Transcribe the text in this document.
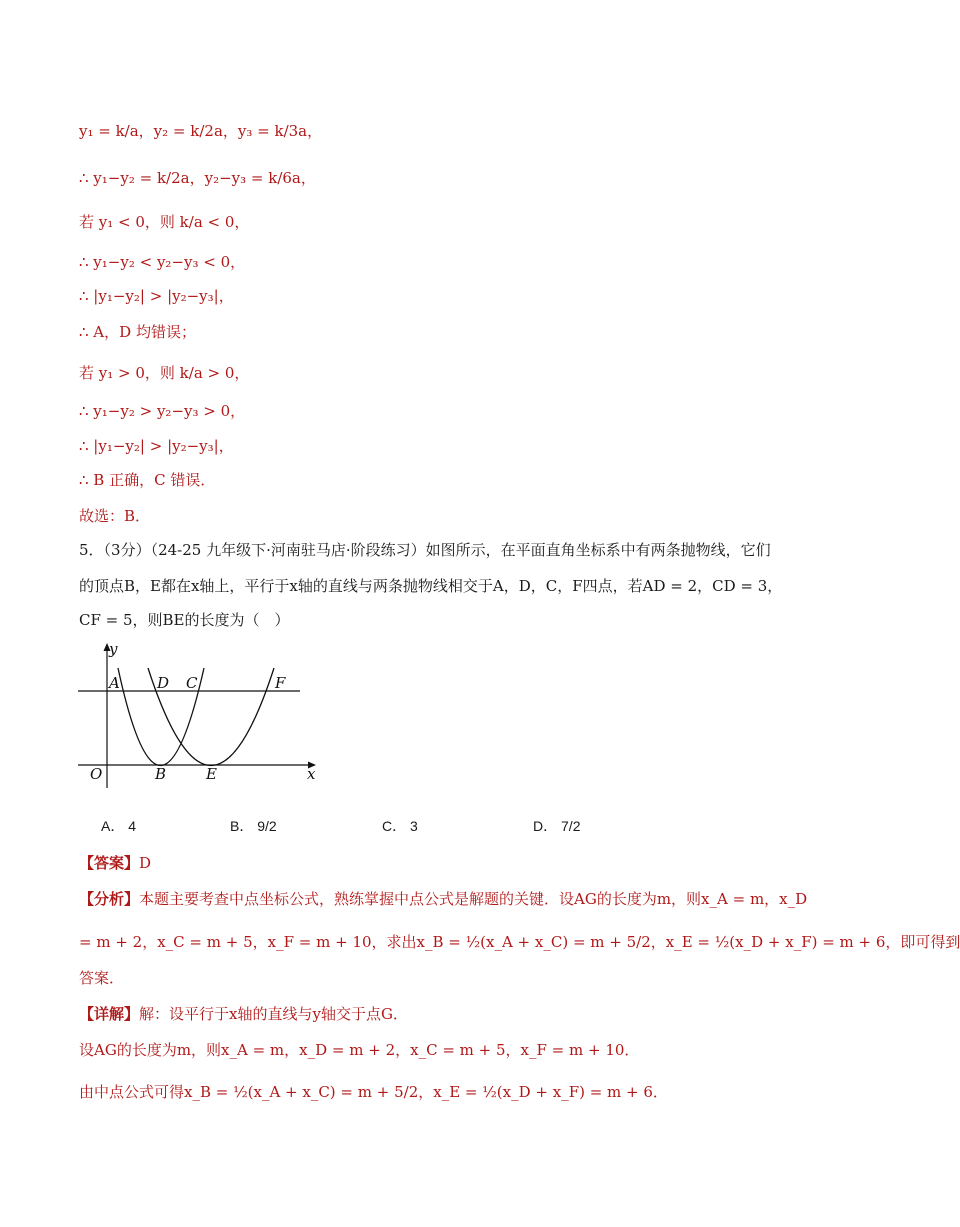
y₁ = k/a，y₂ = k/2a，y₃ = k/3a，
∴ y₁−y₂ = k/2a，y₂−y₃ = k/6a，
若 y₁ < 0，则 k/a < 0，
∴ y₁−y₂ < y₂−y₃ < 0，
∴ |y₁−y₂| > |y₂−y₃|，
∴ A，D 均错误；
若 y₁ > 0，则 k/a > 0，
∴ y₁−y₂ > y₂−y₃ > 0，
∴ |y₁−y₂| > |y₂−y₃|，
∴ B 正确，C 错误．
故选：B．
5．（3分）（24-25 九年级下·河南驻马店·阶段练习）如图所示，在平面直角坐标系中有两条抛物线，它们
的顶点B，E都在x轴上，平行于x轴的直线与两条抛物线相交于A，D，C，F四点，若AD = 2，CD = 3，
CF = 5，则BE的长度为（　）
y
x
O
A D C	F
B	E
A． 4	B． 9/2	C． 3	D． 7/2
【答案】D
【分析】本题主要考查中点坐标公式，熟练掌握中点公式是解题的关键．设AG的长度为m，则x_A = m，x_D
= m + 2，x_C = m + 5，x_F = m + 10，求出x_B = ½(x_A + x_C) = m + 5/2，x_E = ½(x_D + x_F) = m + 6，即可得到
答案．
【详解】解：设平行于x轴的直线与y轴交于点G．
设AG的长度为m，则x_A = m，x_D = m + 2，x_C = m + 5，x_F = m + 10．
由中点公式可得x_B = ½(x_A + x_C) = m + 5/2，x_E = ½(x_D + x_F) = m + 6．
